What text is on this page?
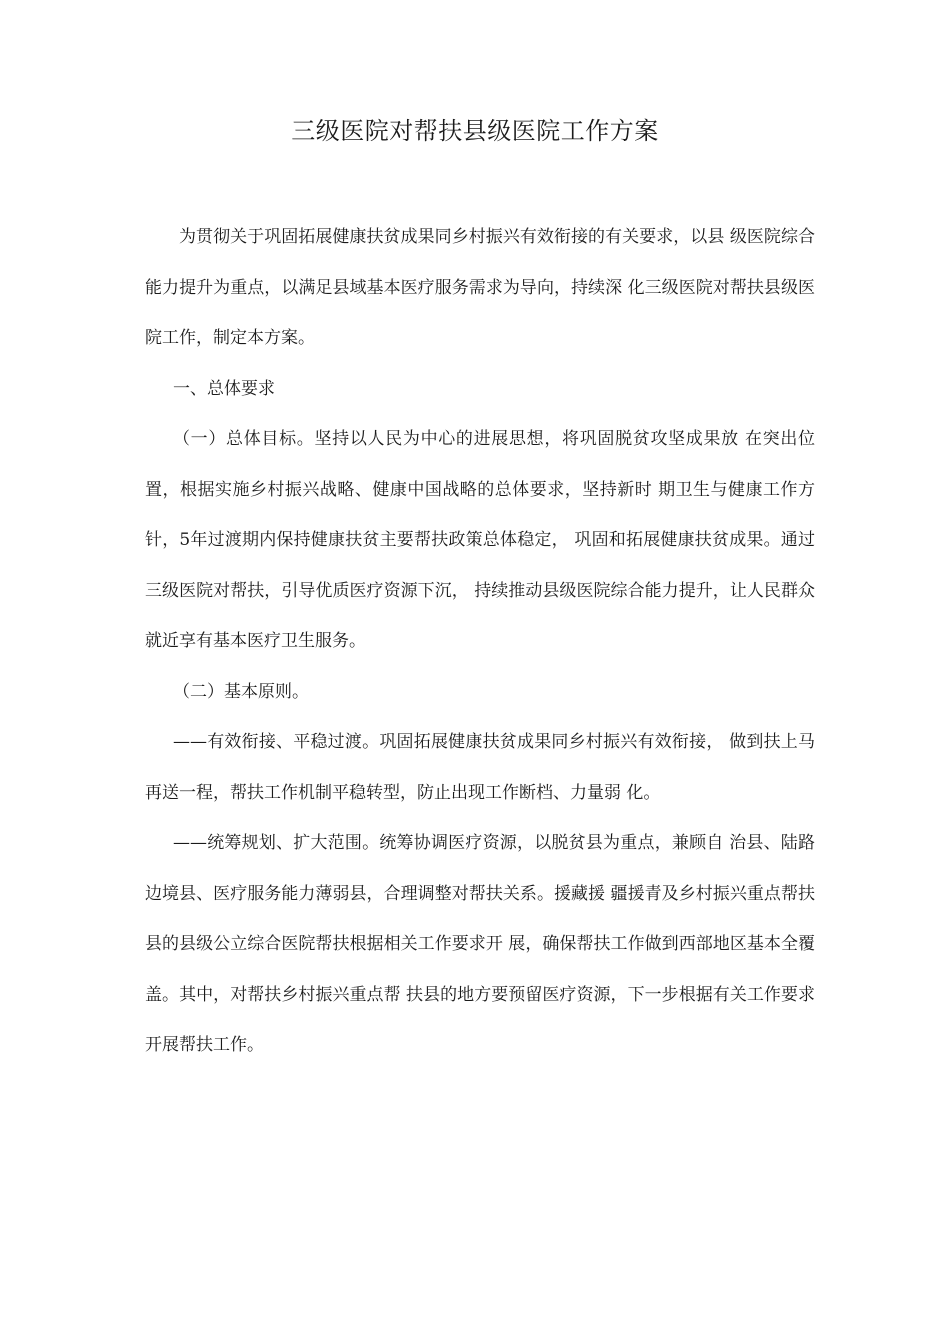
三级医院对帮扶县级医院工作方案

为贯彻关于巩固拓展健康扶贫成果同乡村振兴有效衔接的有关要求，以县 级医院综合能力提升为重点，以满足县域基本医疗服务需求为导向，持续深 化三级医院对帮扶县级医院工作，制定本方案。

一、总体要求

（一）总体目标。坚持以人民为中心的进展思想，将巩固脱贫攻坚成果放 在突出位置，根据实施乡村振兴战略、健康中国战略的总体要求，坚持新时 期卫生与健康工作方针，5年过渡期内保持健康扶贫主要帮扶政策总体稳定， 巩固和拓展健康扶贫成果。通过三级医院对帮扶，引导优质医疗资源下沉， 持续推动县级医院综合能力提升，让人民群众就近享有基本医疗卫生服务。

（二）基本原则。

——有效衔接、平稳过渡。巩固拓展健康扶贫成果同乡村振兴有效衔接， 做到扶上马再送一程，帮扶工作机制平稳转型，防止出现工作断档、力量弱 化。

——统筹规划、扩大范围。统筹协调医疗资源，以脱贫县为重点，兼顾自 治县、陆路边境县、医疗服务能力薄弱县，合理调整对帮扶关系。援藏援 疆援青及乡村振兴重点帮扶县的县级公立综合医院帮扶根据相关工作要求开 展，确保帮扶工作做到西部地区基本全覆盖。其中，对帮扶乡村振兴重点帮 扶县的地方要预留医疗资源，下一步根据有关工作要求开展帮扶工作。
